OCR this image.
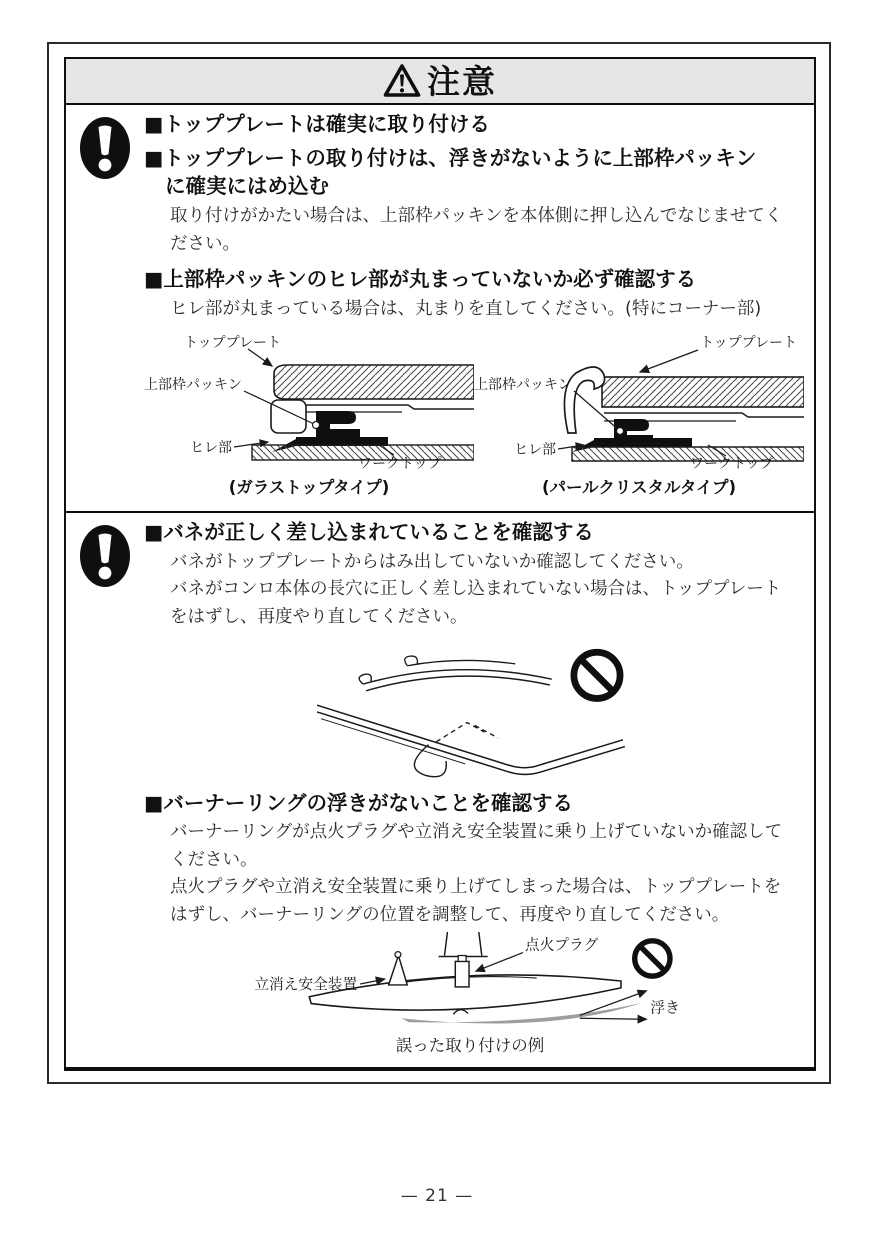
注意

■トッププレートは確実に取り付ける

■トッププレートの取り付けは、浮きがないように上部枠パッキン

に確実にはめ込む

取り付けがかたい場合は、上部枠パッキンを本体側に押し込んでなじませてく
ださい。

■上部枠パッキンのヒレ部が丸まっていないか必ず確認する

ヒレ部が丸まっている場合は、丸まりを直してください。(特にコーナー部)
トッププレート
上部枠パッキン
ヒレ部
ワークトップ
(ガラストップタイプ)
トッププレート
上部枠パッキン
ヒレ部
ワークトップ
(パールクリスタルタイプ)

■バネが正しく差し込まれていることを確認する

バネがトッププレートからはみ出していないか確認してください。
バネがコンロ本体の長穴に正しく差し込まれていない場合は、トッププレート
をはずし、再度やり直してください。

■バーナーリングの浮きがないことを確認する

バーナーリングが点火プラグや立消え安全装置に乗り上げていないか確認して
ください。
点火プラグや立消え安全装置に乗り上げてしまった場合は、トッププレートを
はずし、バーナーリングの位置を調整して、再度やり直してください。
立消え安全装置
点火プラグ
浮き
誤った取り付けの例
— 21 —
